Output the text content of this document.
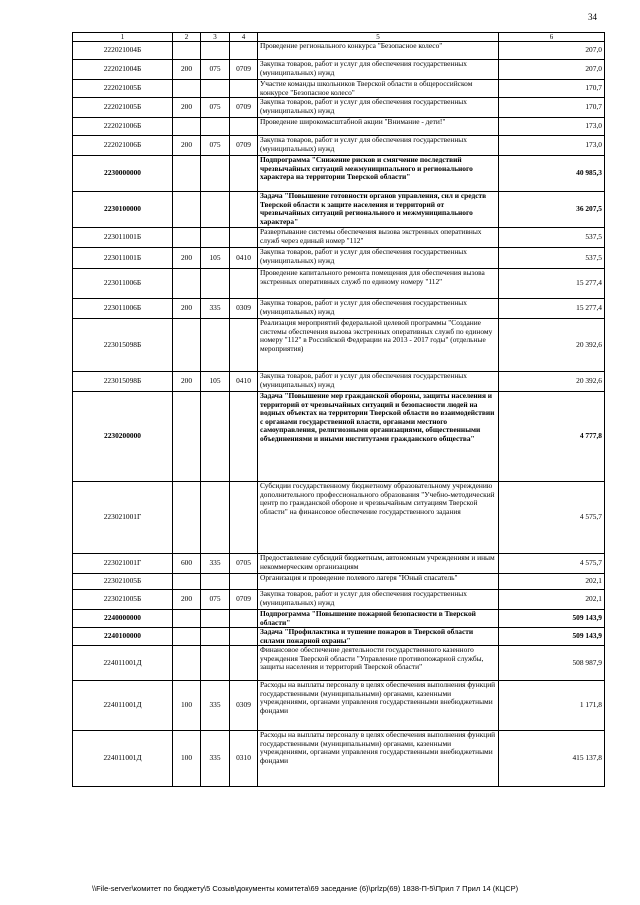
34
1	2	3	4	5	6
222021004Б				Проведение регионального конкурса "Безопасное колесо"	207,0
222021004Б	200	075	0709	Закупка товаров, работ и услуг для обеспечения государственных (муниципальных) нужд	207,0
222021005Б				Участие команды школьников Тверской области в общероссийском конкурсе "Безопасное колесо"	170,7
222021005Б	200	075	0709	Закупка товаров, работ и услуг для обеспечения государственных (муниципальных) нужд	170,7
222021006Б				Проведение широкомасштабной акции "Внимание - дети!"	173,0
222021006Б	200	075	0709	Закупка товаров, работ и услуг для обеспечения государственных (муниципальных) нужд	173,0
2230000000				Подпрограмма "Снижение рисков и смягчение последствий чрезвычайных ситуаций межмуниципального и регионального характера на территории Тверской области"	40 985,3
2230100000				Задача "Повышение готовности органов управления, сил и средств Тверской области к защите населения и территорий от чрезвычайных ситуаций регионального и межмуниципального характера"	36 207,5
223011001Б				Развертывание системы обеспечения вызова экстренных оперативных служб через единый номер "112"	537,5
223011001Б	200	105	0410	Закупка товаров, работ и услуг для обеспечения государственных (муниципальных) нужд	537,5
223011006Б				Проведение капитального ремонта помещения для обеспечения вызова экстренных оперативных служб по единому номеру "112"	15 277,4
223011006Б	200	335	0309	Закупка товаров, работ и услуг для обеспечения государственных (муниципальных) нужд	15 277,4
223015098Б				Реализация мероприятий федеральной целевой программы "Создание системы обеспечения вызова экстренных оперативных служб по единому номеру "112" в Российской Федерации на 2013 - 2017 годы" (отдельные мероприятия)	20 392,6
223015098Б	200	105	0410	Закупка товаров, работ и услуг для обеспечения государственных (муниципальных) нужд	20 392,6
2230200000				Задача "Повышение мер гражданской обороны, защиты населения и территорий от чрезвычайных ситуаций и безопасности людей на водных объектах на территории Тверской области во взаимодействии с органами государственной власти, органами местного самоуправления, религиозными организациями, общественными объединениями и иными институтами гражданского общества"	4 777,8
223021001Г				Субсидии государственному бюджетному образовательному учреждению дополнительного профессионального образования "Учебно-методический центр по гражданской обороне и чрезвычайным ситуациям Тверской области" на финансовое обеспечение государственного задания	4 575,7
223021001Г	600	335	0705	Предоставление субсидий бюджетным, автономным учреждениям и иным некоммерческим организациям	4 575,7
223021005Б				Организация и проведение полевого лагеря "Юный спасатель"	202,1
223021005Б	200	075	0709	Закупка товаров, работ и услуг для обеспечения государственных (муниципальных) нужд	202,1
2240000000				Подпрограмма "Повышение пожарной безопасности в Тверской области"	509 143,9
2240100000				Задача "Профилактика и тушение пожаров в Тверской области силами пожарной охраны"	509 143,9
224011001Д				Финансовое обеспечение деятельности государственного казенного учреждения Тверской области "Управление противопожарной службы, защиты населения и территорий Тверской области"	508 987,9
224011001Д	100	335	0309	Расходы на выплаты персоналу в целях обеспечения выполнения функций государственными (муниципальными) органами, казенными учреждениями, органами управления государственными внебюджетными фондами	1 171,8
224011001Д	100	335	0310	Расходы на выплаты персоналу в целях обеспечения выполнения функций государственными (муниципальными) органами, казенными учреждениями, органами управления государственными внебюджетными фондами	415 137,8
\\File-server\комитет по бюджету\5 Созыв\документы комитета\69 заседание (6)\prlzp(69) 1838-П-5\Прил 7 Прил 14 (КЦСР)
